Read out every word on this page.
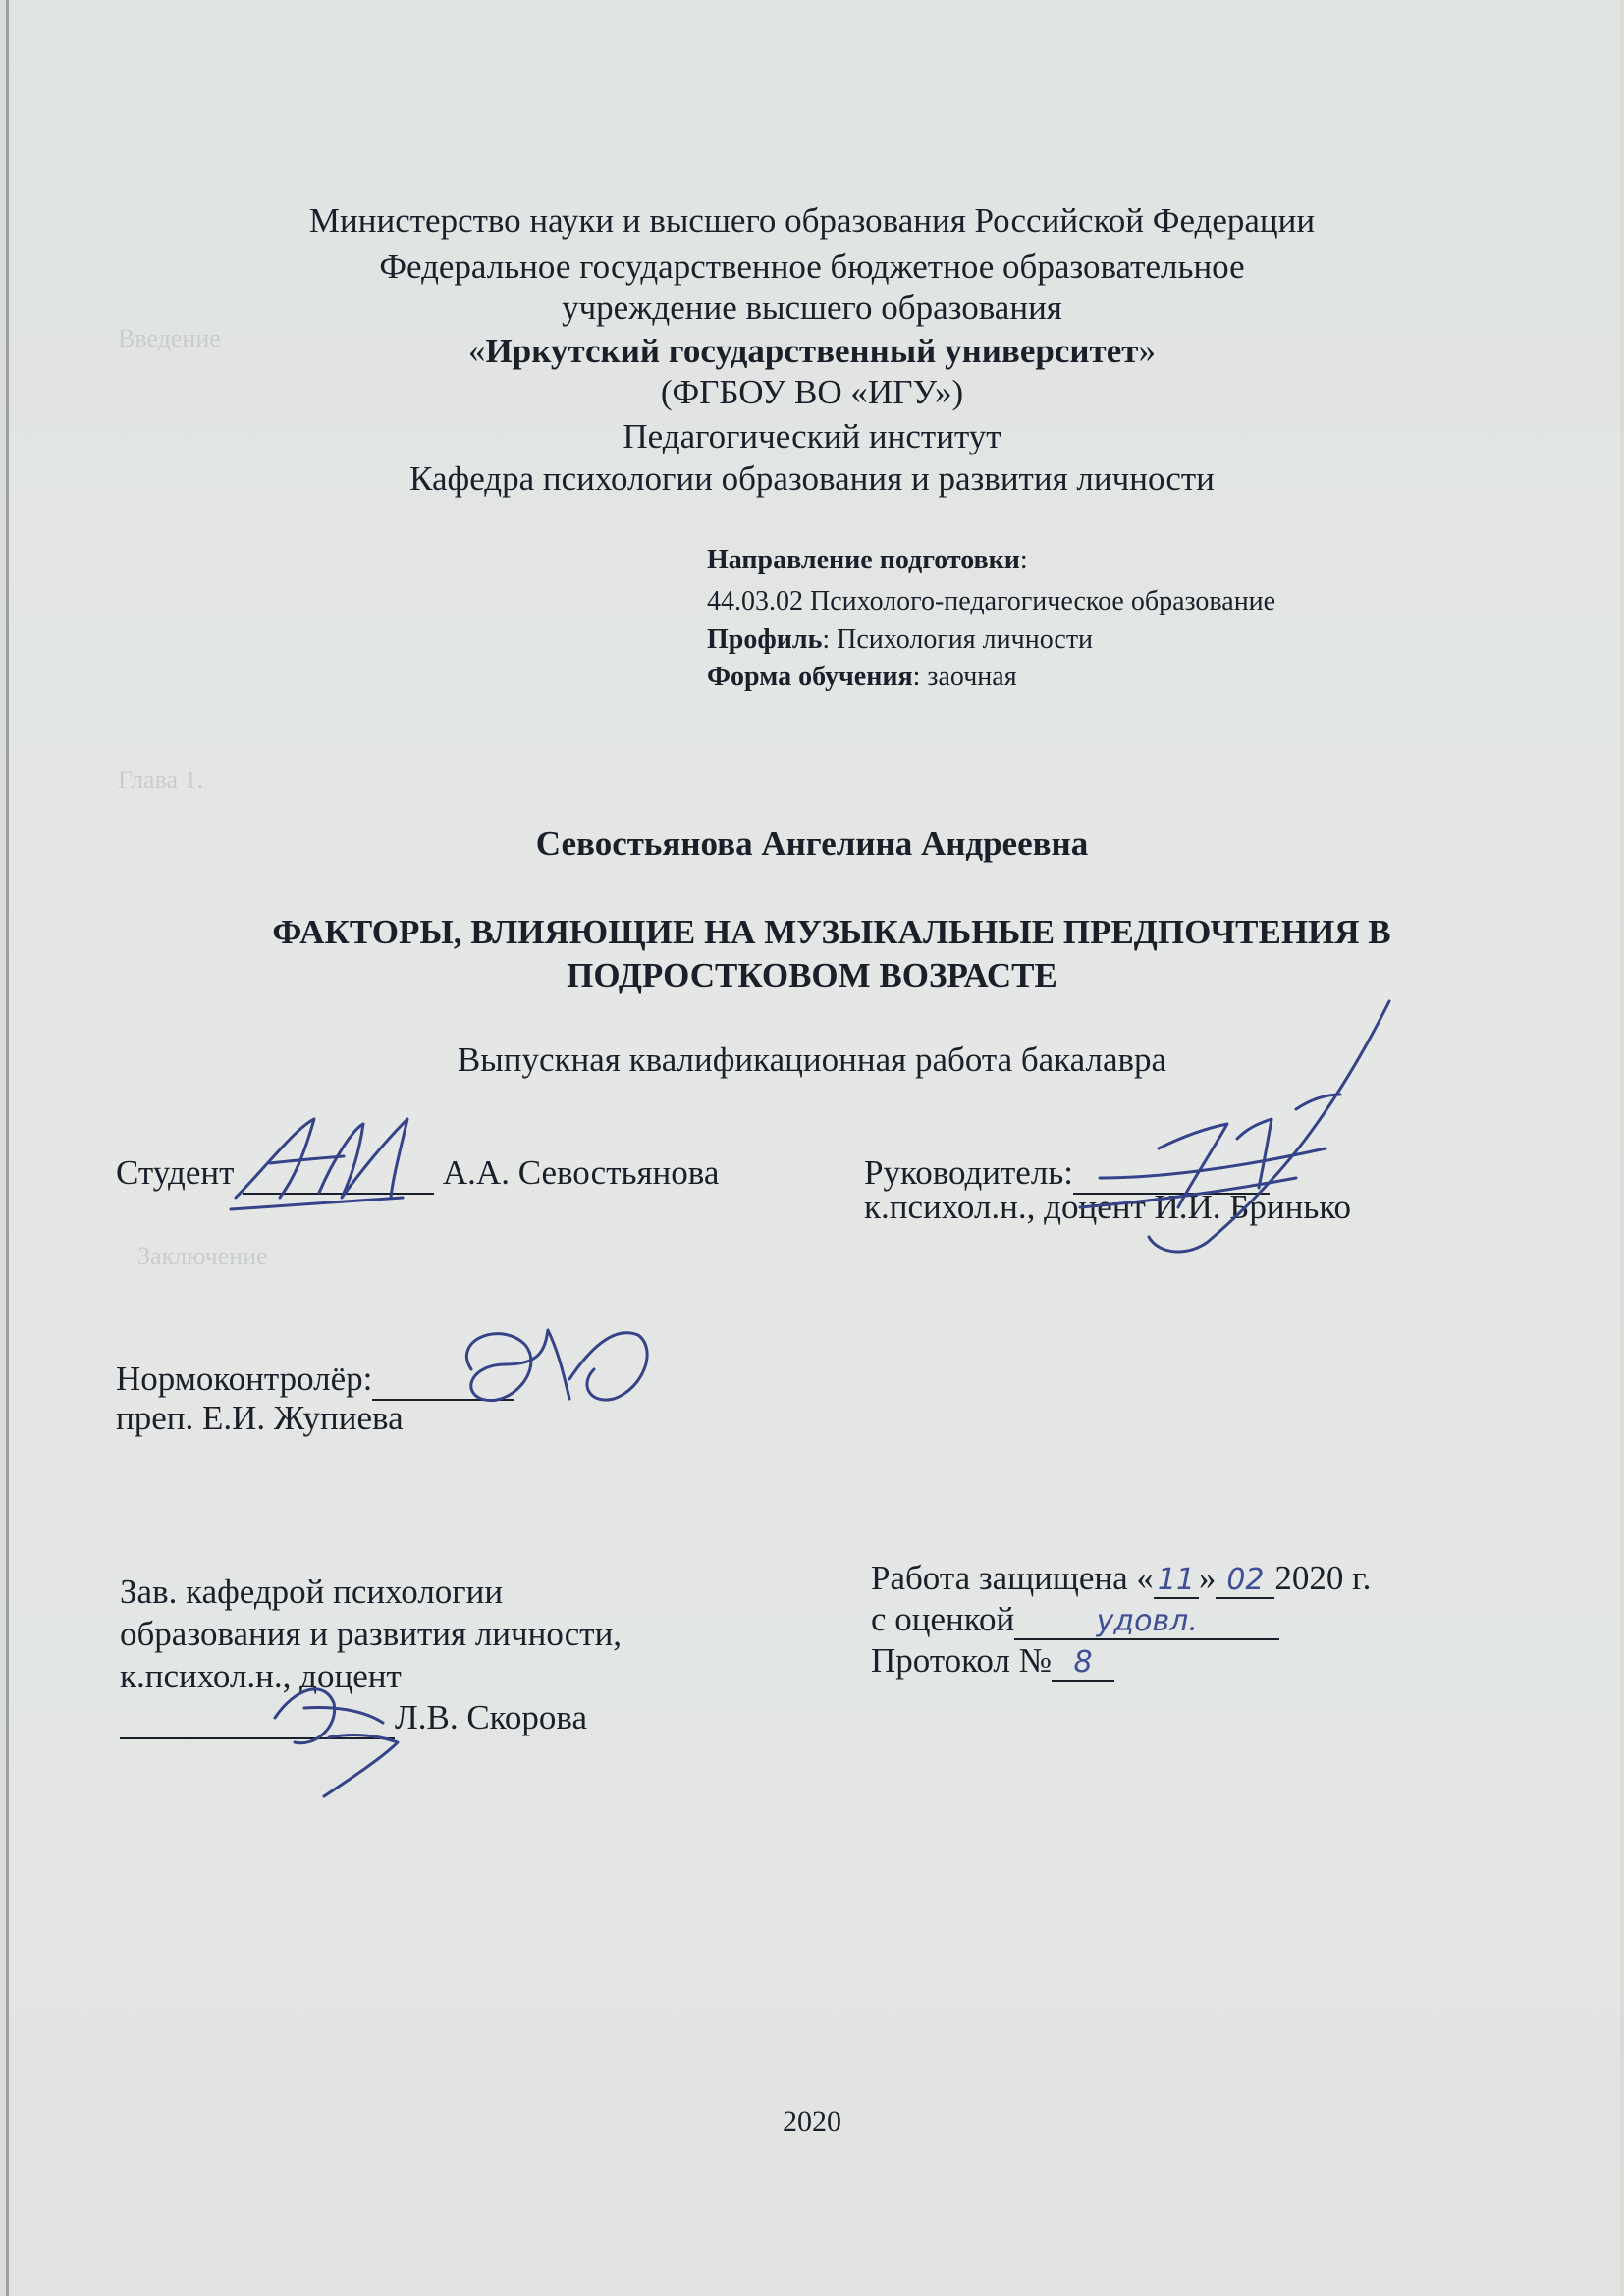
Введение
Глава 1.
Заключение
Министерство науки и высшего образования Российской Федерации
Федеральное государственное бюджетное образовательное
учреждение высшего образования
«Иркутский государственный университет»
(ФГБОУ ВО «ИГУ»)
Педагогический институт
Кафедра психологии образования и развития личности
Направление подготовки:
44.03.02 Психолого-педагогическое образование
Профиль: Психология личности
Форма обучения: заочная
Севостьянова Ангелина Андреевна
ФАКТОРЫ, ВЛИЯЮЩИЕ НА МУЗЫКАЛЬНЫЕ ПРЕДПОЧТЕНИЯ В
ПОДРОСТКОВОМ ВОЗРАСТЕ
Выпускная квалификационная работа бакалавра
Студент	А.А. Севостьянова	Руководитель:
к.психол.н., доцент И.И. Бринько
Нормоконтролёр:
преп. Е.И. Жупиева
Зав. кафедрой психологии
образования и развития личности,
к.психол.н., доцент
Л.В. Скорова
Работа защищена « 11 » 02 2020 г.
с оценкой	удовл.
Протокол № 8
2020
